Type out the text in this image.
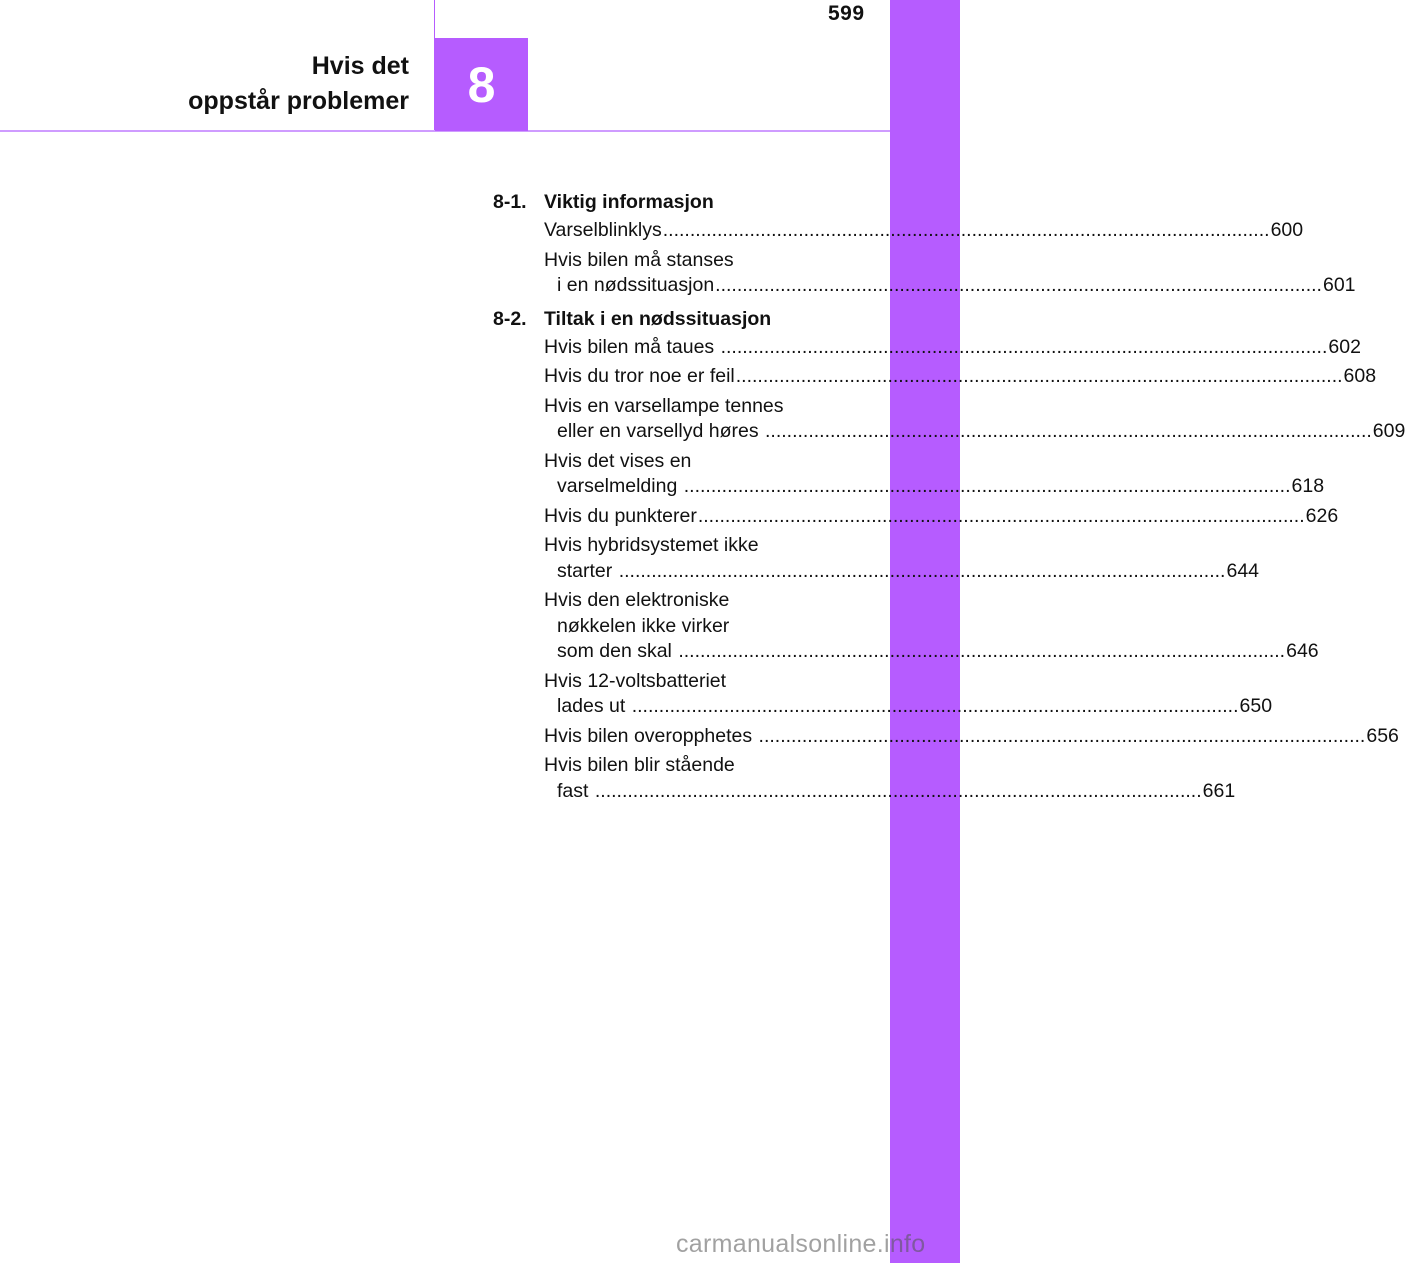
599
8
Hvis det
oppstår problemer
8-1. Viktig informasjon
Varselblinklys .....	600
Hvis bilen må stanses
i en nødssituasjon .....	601
8-2. Tiltak i en nødssituasjon
Hvis bilen må taues .....	602
Hvis du tror noe er feil .....	608
Hvis en varsellampe tennes
eller en varsellyd høres .....	609
Hvis det vises en
varselmelding .....	618
Hvis du punkterer .....	626
Hvis hybridsystemet ikke
starter .....	644
Hvis den elektroniske
nøkkelen ikke virker
som den skal .....	646
Hvis 12-voltsbatteriet
lades ut .....	650
Hvis bilen overopphetes .....	656
Hvis bilen blir stående
fast .....	661
carmanualsonline.info
